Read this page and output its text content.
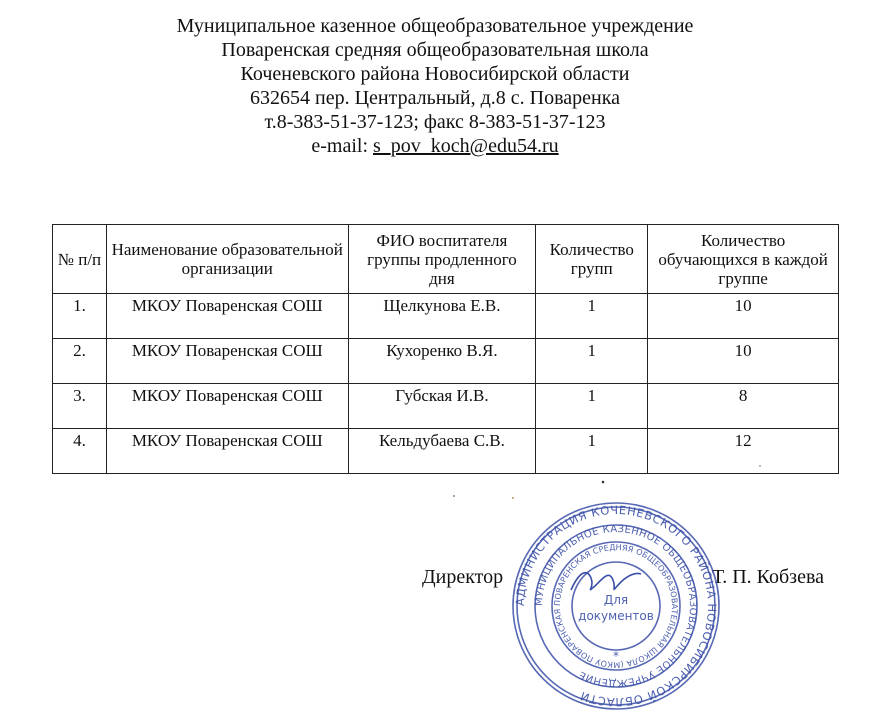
Муниципальное казенное общеобразовательное учреждение
Поваренская средняя общеобразовательная школа
Коченевского района Новосибирской области
632654 пер. Центральный, д.8 с. Поваренка
т.8-383-51-37-123; факс 8-383-51-37-123
e-mail: s_pov_koch@edu54.ru
№ п/п	Наименование образовательной организации	ФИО воспитателя группы продленного дня	Количество групп	Количество обучающихся в каждой группе
1.	МКОУ Поваренская СОШ	Щелкунова Е.В.	1	10
2.	МКОУ Поваренская СОШ	Кухоренко В.Я.	1	10
3.	МКОУ Поваренская СОШ	Губская И.В.	1	8
4.	МКОУ Поваренская СОШ	Кельдубаева С.В.	1	12
Директор	Т. П. Кобзева
АДМИНИСТРАЦИЯ КОЧЕНЕВСКОГО РАЙОНА НОВОСИБИРСКОЙ ОБЛАСТИ
МУНИЦИПАЛЬНОЕ КАЗЕННОЕ ОБЩЕОБРАЗОВАТЕЛЬНОЕ УЧРЕЖДЕНИЕ
ПОВАРЕНСКАЯ СРЕДНЯЯ ОБЩЕОБРАЗОВАТЕЛЬНАЯ ШКОЛА (МКОУ ПОВАРЕНСКАЯ
Для
документов
*
